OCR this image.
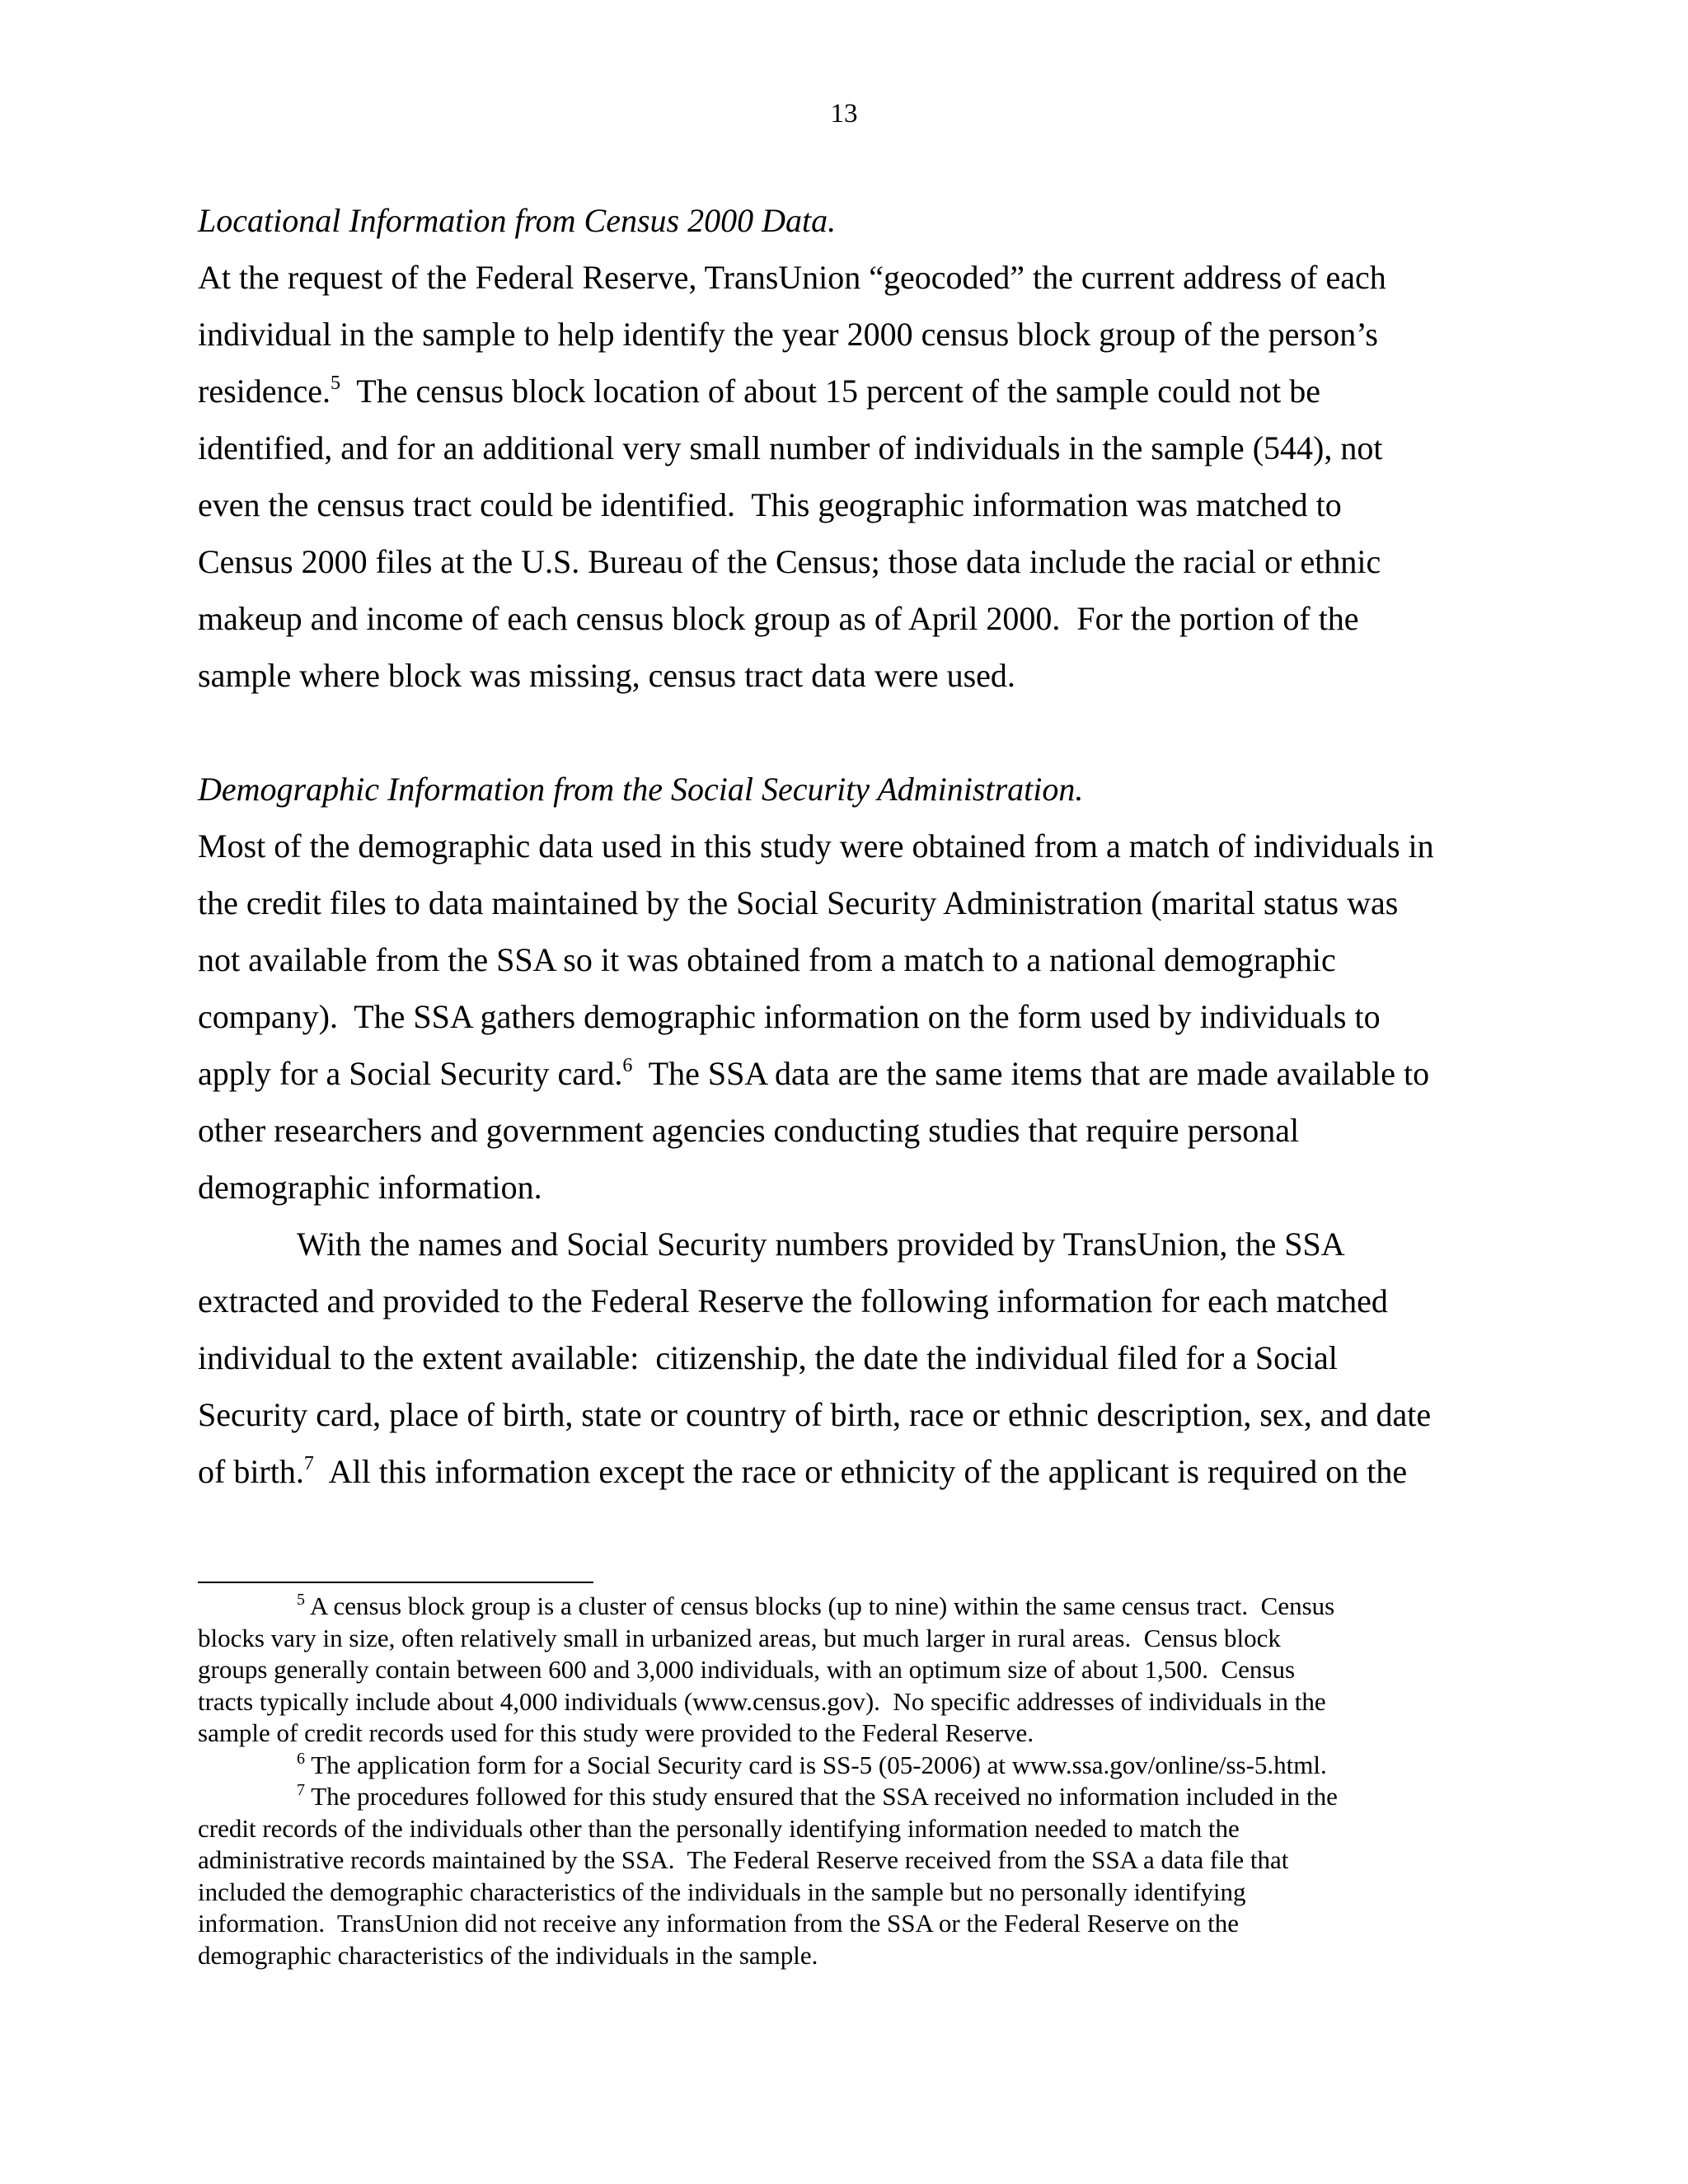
13
Locational Information from Census 2000 Data.
At the request of the Federal Reserve, TransUnion “geocoded” the current address of each
individual in the sample to help identify the year 2000 census block group of the person’s
residence.$^5$  The census block location of about 15 percent of the sample could not be
identified, and for an additional very small number of individuals in the sample (544), not
even the census tract could be identified.  This geographic information was matched to
Census 2000 files at the U.S. Bureau of the Census; those data include the racial or ethnic
makeup and income of each census block group as of April 2000.  For the portion of the
sample where block was missing, census tract data were used.
Demographic Information from the Social Security Administration.
Most of the demographic data used in this study were obtained from a match of individuals in
the credit files to data maintained by the Social Security Administration (marital status was
not available from the SSA so it was obtained from a match to a national demographic
company).  The SSA gathers demographic information on the form used by individuals to
apply for a Social Security card.$^6$  The SSA data are the same items that are made available to
other researchers and government agencies conducting studies that require personal
demographic information.
With the names and Social Security numbers provided by TransUnion, the SSA
extracted and provided to the Federal Reserve the following information for each matched
individual to the extent available:  citizenship, the date the individual filed for a Social
Security card, place of birth, state or country of birth, race or ethnic description, sex, and date
of birth.$^7$  All this information except the race or ethnicity of the applicant is required on the
$^5$ A census block group is a cluster of census blocks (up to nine) within the same census tract.  Census
blocks vary in size, often relatively small in urbanized areas, but much larger in rural areas.  Census block
groups generally contain between 600 and 3,000 individuals, with an optimum size of about 1,500.  Census
tracts typically include about 4,000 individuals (www.census.gov).  No specific addresses of individuals in the
sample of credit records used for this study were provided to the Federal Reserve.
$^6$ The application form for a Social Security card is SS-5 (05-2006) at www.ssa.gov/online/ss-5.html.
$^7$ The procedures followed for this study ensured that the SSA received no information included in the
credit records of the individuals other than the personally identifying information needed to match the
administrative records maintained by the SSA.  The Federal Reserve received from the SSA a data file that
included the demographic characteristics of the individuals in the sample but no personally identifying
information.  TransUnion did not receive any information from the SSA or the Federal Reserve on the
demographic characteristics of the individuals in the sample.
